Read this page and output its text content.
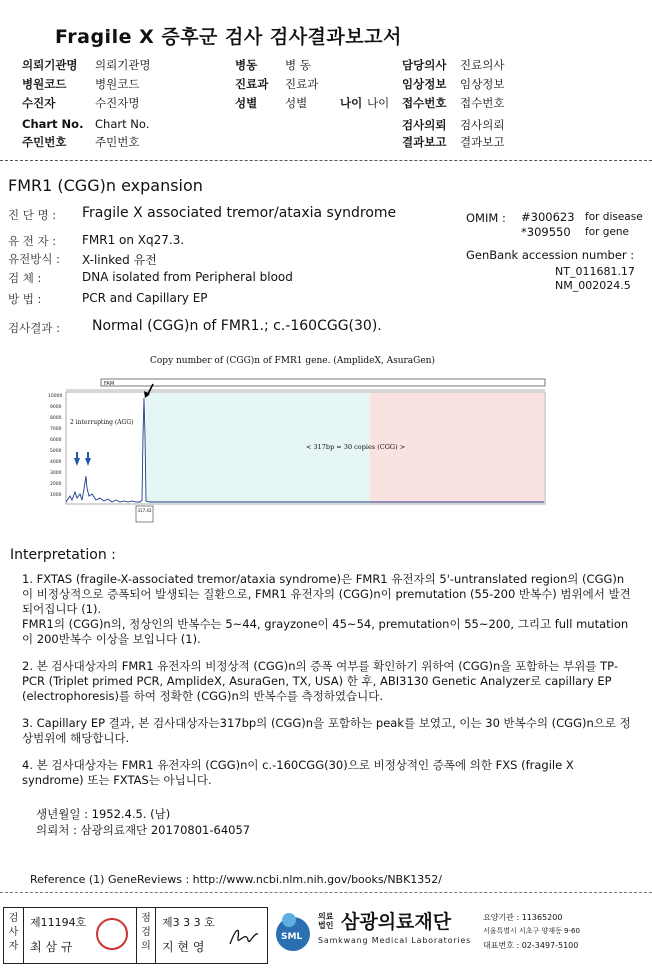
Fragile X 증후군 검사 검사결과보고서
의뢰기관명 의뢰기관명	병동 병 동	담당의사 진료의사
병원코드 병원코드	진료과 진료과	임상정보 임상정보
수진자	수진자명	성별 성별	나이 나이 접수번호 접수번호
Chart No. Chart No.	검사의뢰 검사의뢰
주민번호 주민번호	결과보고 결과보고
FMR1 (CGG)n expansion
진 단 명 :	Fragile X associated tremor/ataxia syndrome
유 전 자 : FMR1 on Xq27.3.
유전방식 : X-linked 유전
검 체 :	DNA isolated from Peripheral blood
방 법 :	PCR and Capillary EP
OMIM : #300623 for disease
*309550 for gene
GenBank accession number :
NT_011681.17
NM_002024.5
검사결과 : Normal (CGG)n of FMR1.; c.-160CGG(30).
Copy number of (CGG)n of FMR1 gene. (AmplideX, AsuraGen)
FAM
10000
9000
8000
7000
6000
5000
4000
3000
2000
1000
2 interrupting (AGG)
< 317bp = 30 copies (CGG) >
317.42
Interpretation :

1. FXTAS (fragile-X-associated tremor/ataxia syndrome)은 FMR1 유전자의 5'-untranslated region의 (CGG)n 이 비정상적으로 증폭되어 발생되는 질환으로, FMR1 유전자의 (CGG)n이 premutation (55-200 반복수) 범위에서 발견되어집니다 (1).

FMR1의 (CGG)n의, 정상인의 반복수는 5~44, grayzone이 45~54, premutation이 55~200, 그리고 full mutation이 200반복수 이상을 보입니다 (1).

2. 본 검사대상자의 FMR1 유전자의 비정상적 (CGG)n의 증폭 여부를 확인하기 위하여 (CGG)n을 포함하는 부위를 TP-PCR (Triplet primed PCR, AmplideX, AsuraGen, TX, USA) 한 후, ABI3130 Genetic Analyzer로 capillary EP (electrophoresis)를 하여 정확한 (CGG)n의 반복수를 측정하였습니다.

3. Capillary EP 결과, 본 검사대상자는317bp의 (CGG)n을 포함하는 peak를 보였고, 이는 30 반복수의 (CGG)n으로 정상범위에 해당합니다.

4. 본 검사대상자는 FMR1 유전자의 (CGG)n이 c.-160CGG(30)으로 비정상적인 증폭에 의한 FXS (fragile X syndrome) 또는 FXTAS는 아닙니다.

생년월일 : 1952.4.5. (남)
의뢰처 : 삼광의료재단 20170801-64057
Reference (1) GeneReviews : http://www.ncbi.nlm.nih.gov/books/NBK1352/
검사자
제11194호
최 삼 규
점검의
제3 3 3 호
지 현 영
SML
의료법인 삼광의료재단
Samkwang Medical Laboratories
요양기관 : 11365200
서울특별시 서초구 양재동 9-60
대표번호 : 02-3497-5100
